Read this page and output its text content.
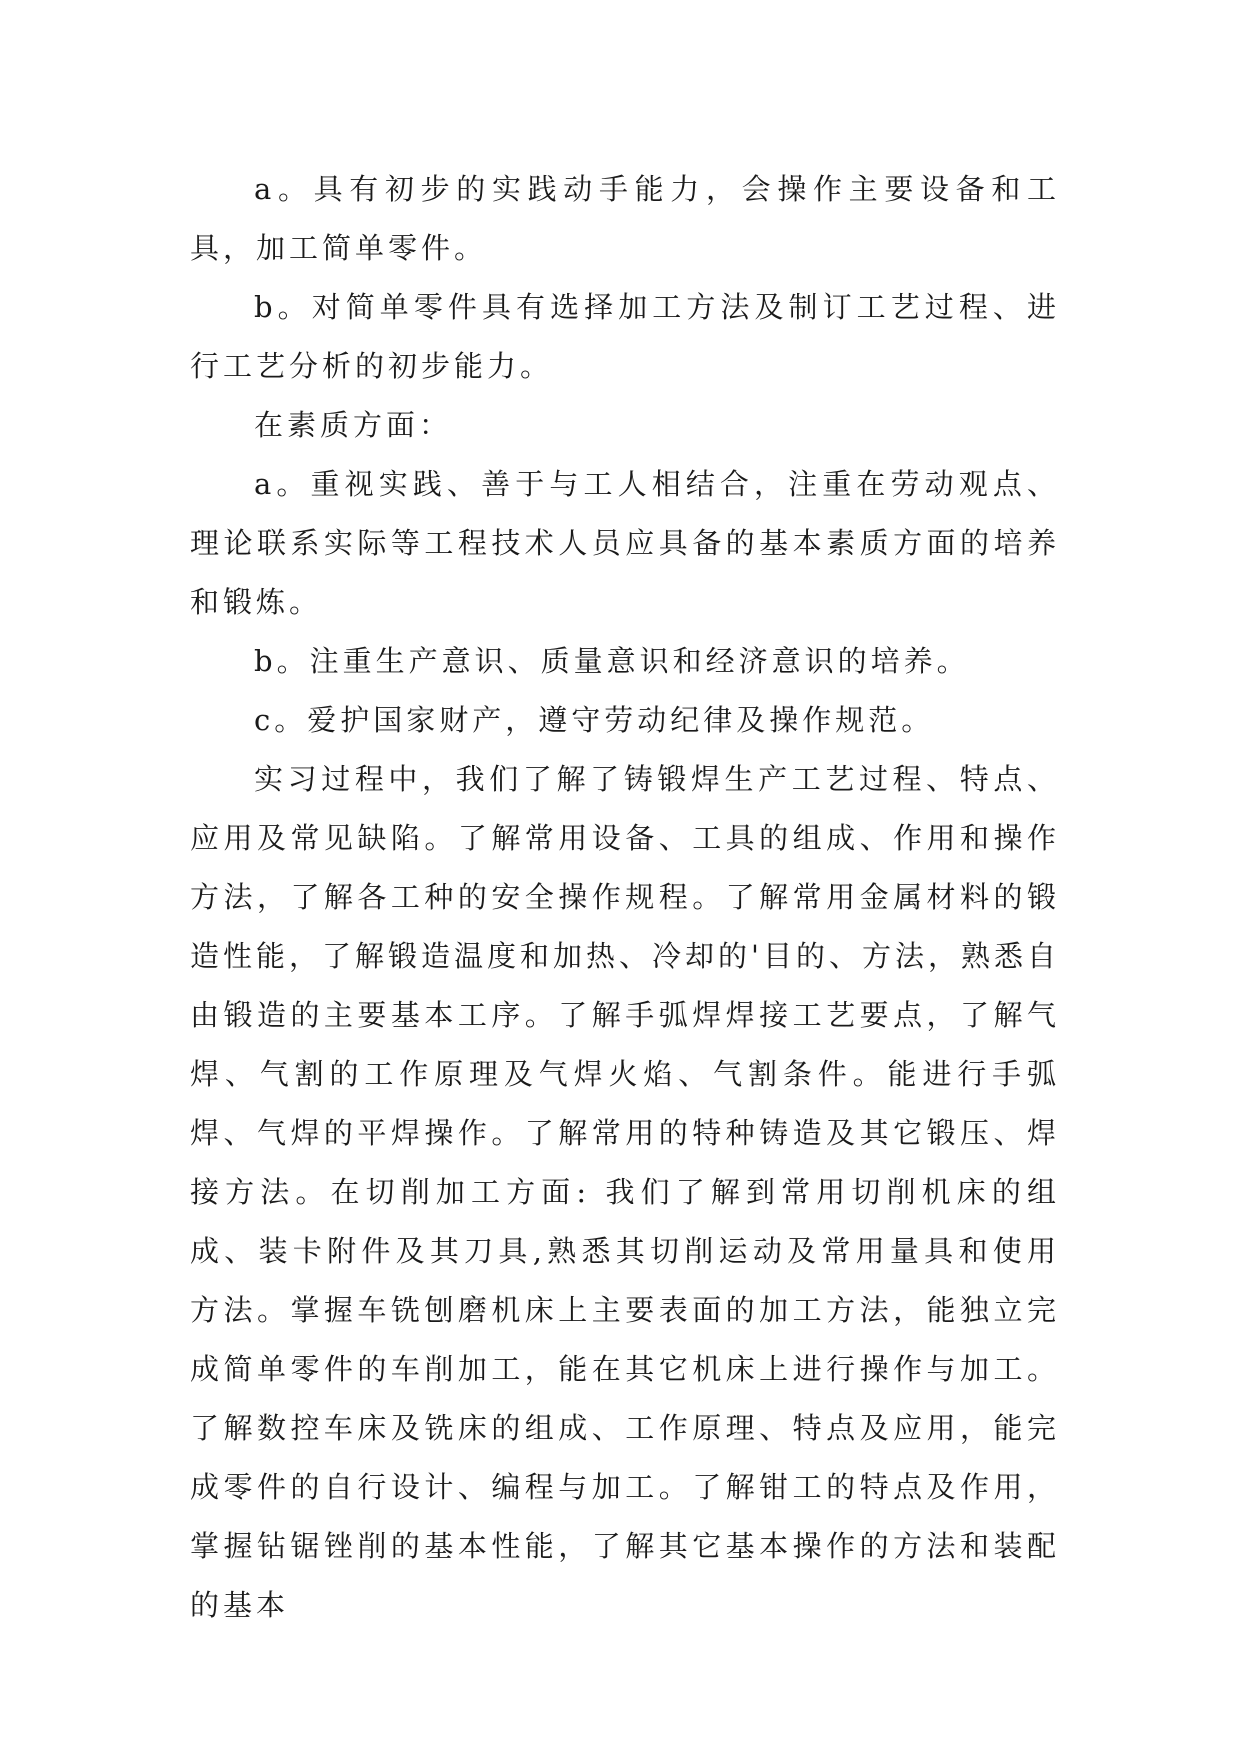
a。具有初步的实践动手能力，会操作主要设备和工具，加工简单零件。

b。对简单零件具有选择加工方法及制订工艺过程、进行工艺分析的初步能力。

在素质方面：

a。重视实践、善于与工人相结合，注重在劳动观点、理论联系实际等工程技术人员应具备的基本素质方面的培养和锻炼。

b。注重生产意识、质量意识和经济意识的培养。

c。爱护国家财产，遵守劳动纪律及操作规范。

实习过程中，我们了解了铸锻焊生产工艺过程、特点、应用及常见缺陷。了解常用设备、工具的组成、作用和操作方法，了解各工种的安全操作规程。了解常用金属材料的锻造性能，了解锻造温度和加热、冷却的'目的、方法，熟悉自由锻造的主要基本工序。了解手弧焊焊接工艺要点，了解气焊、气割的工作原理及气焊火焰、气割条件。能进行手弧焊、气焊的平焊操作。了解常用的特种铸造及其它锻压、焊接方法。在切削加工方面: 我们了解到常用切削机床的组成、装卡附件及其刀具,熟悉其切削运动及常用量具和使用方法。掌握车铣刨磨机床上主要表面的加工方法，能独立完成简单零件的车削加工，能在其它机床上进行操作与加工。了解数控车床及铣床的组成、工作原理、特点及应用，能完成零件的自行设计、编程与加工。了解钳工的特点及作用，掌握钻锯锉削的基本性能，了解其它基本操作的方法和装配的基本
